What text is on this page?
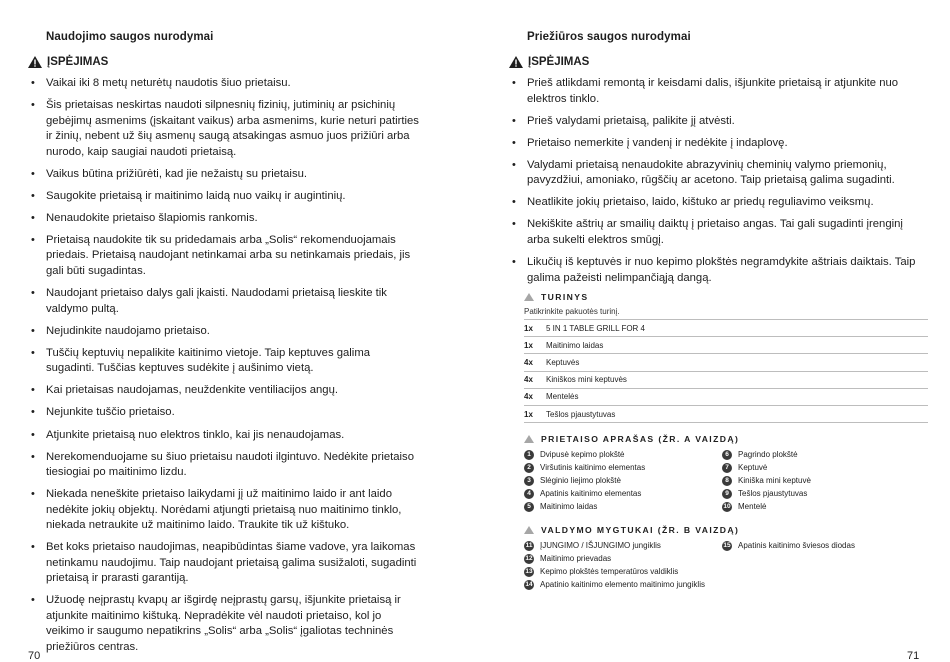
Naudojimo saugos nurodymai
ĮSPĖJIMAS
• Vaikai iki 8 metų neturėtų naudotis šiuo prietaisu.
• Šis prietaisas neskirtas naudoti silpnesnių fizinių, jutiminių ar psichinių gebėjimų asmenims (įskaitant vaikus) arba asmenims, kurie neturi patirties ir žinių, nebent už šių asmenų saugą atsakingas asmuo juos prižiūri arba nurodo, kaip saugiai naudoti prietaisą.
• Vaikus būtina prižiūrėti, kad jie nežaistų su prietaisu.
• Saugokite prietaisą ir maitinimo laidą nuo vaikų ir augintinių.
• Nenaudokite prietaiso šlapiomis rankomis.
• Prietaisą naudokite tik su pridedamais arba „Solis“ rekomenduojamais priedais. Prietaisą naudojant netinkamai arba su netinkamais priedais, jis gali būti sugadintas.
• Naudojant prietaiso dalys gali įkaisti. Naudodami prietaisą lieskite tik valdymo pultą.
• Nejudinkite naudojamo prietaiso.
• Tuščių keptuvių nepalikite kaitinimo vietoje. Taip keptuves galima sugadinti. Tuščias keptuves sudėkite į aušinimo vietą.
• Kai prietaisas naudojamas, neuždenkite ventiliacijos angų.
• Nejunkite tuščio prietaiso.
• Atjunkite prietaisą nuo elektros tinklo, kai jis nenaudojamas.
• Nerekomenduojame su šiuo prietaisu naudoti ilgintuvo. Nedėkite prietaiso tiesiogiai po maitinimo lizdu.
• Niekada neneškite prietaiso laikydami jį už maitinimo laido ir ant laido nedėkite jokių objektų. Norėdami atjungti prietaisą nuo maitinimo tinklo, niekada netraukite už maitinimo laido. Traukite tik už kištuko.
• Bet koks prietaiso naudojimas, neapibūdintas šiame vadove, yra laikomas netinkamu naudojimu. Taip naudojant prietaisą galima susižaloti, sugadinti prietaisą ir prarasti garantiją.
• Užuodę neįprastų kvapų ar išgirdę neįprastų garsų, išjunkite prietaisą ir atjunkite maitinimo kištuką. Nepradėkite vėl naudoti prietaiso, kol jo veikimo ir saugumo nepatikrins „Solis“ arba „Solis“ įgaliotas techninės priežiūros centras.
70
Priežiūros saugos nurodymai
ĮSPĖJIMAS
• Prieš atlikdami remontą ir keisdami dalis, išjunkite prietaisą ir atjunkite nuo elektros tinklo.
• Prieš valydami prietaisą, palikite jį atvėsti.
• Prietaiso nemerkite į vandenį ir nedėkite į indaplovę.
• Valydami prietaisą nenaudokite abrazyvinių cheminių valymo priemonių, pavyzdžiui, amoniako, rūgščių ar acetono. Taip prietaisą galima sugadinti.
• Neatlikite jokių prietaiso, laido, kištuko ar priedų reguliavimo veiksmų.
• Nekiškite aštrių ar smailių daiktų į prietaiso angas. Tai gali sugadinti įrenginį arba sukelti elektros smūgį.
• Likučių iš keptuvės ir nuo kepimo plokštės negramdykite aštriais daiktais. Taip galima pažeisti nelimpančiąją dangą.
TURINYS
Patikrinkite pakuotės turinį.
1x	5 IN 1 TABLE GRILL FOR 4
1x	Maitinimo laidas
4x	Keptuvės
4x	Kiniškos mini keptuvės
4x	Mentelės
1x	Tešlos pjaustytuvas
PRIETAISO APRAŠAS (ŽR. A VAIZDĄ)
1	Dvipusė kepimo plokštė
2	Viršutinis kaitinimo elementas
3	Slėginio liejimo plokštė
4	Apatinis kaitinimo elementas
5	Maitinimo laidas
6	Pagrindo plokštė
7	Keptuvė
8	Kiniška mini keptuvė
9	Tešlos pjaustytuvas
10 Mentelė
VALDYMO MYGTUKAI (ŽR. B VAIZDĄ)
11 ĮJUNGIMO / IŠJUNGIMO jungiklis
12 Maitinimo prievadas
13 Kepimo plokštės temperatūros valdiklis
14 Apatinio kaitinimo elemento maitinimo jungiklis
15 Apatinis kaitinimo šviesos diodas
71
